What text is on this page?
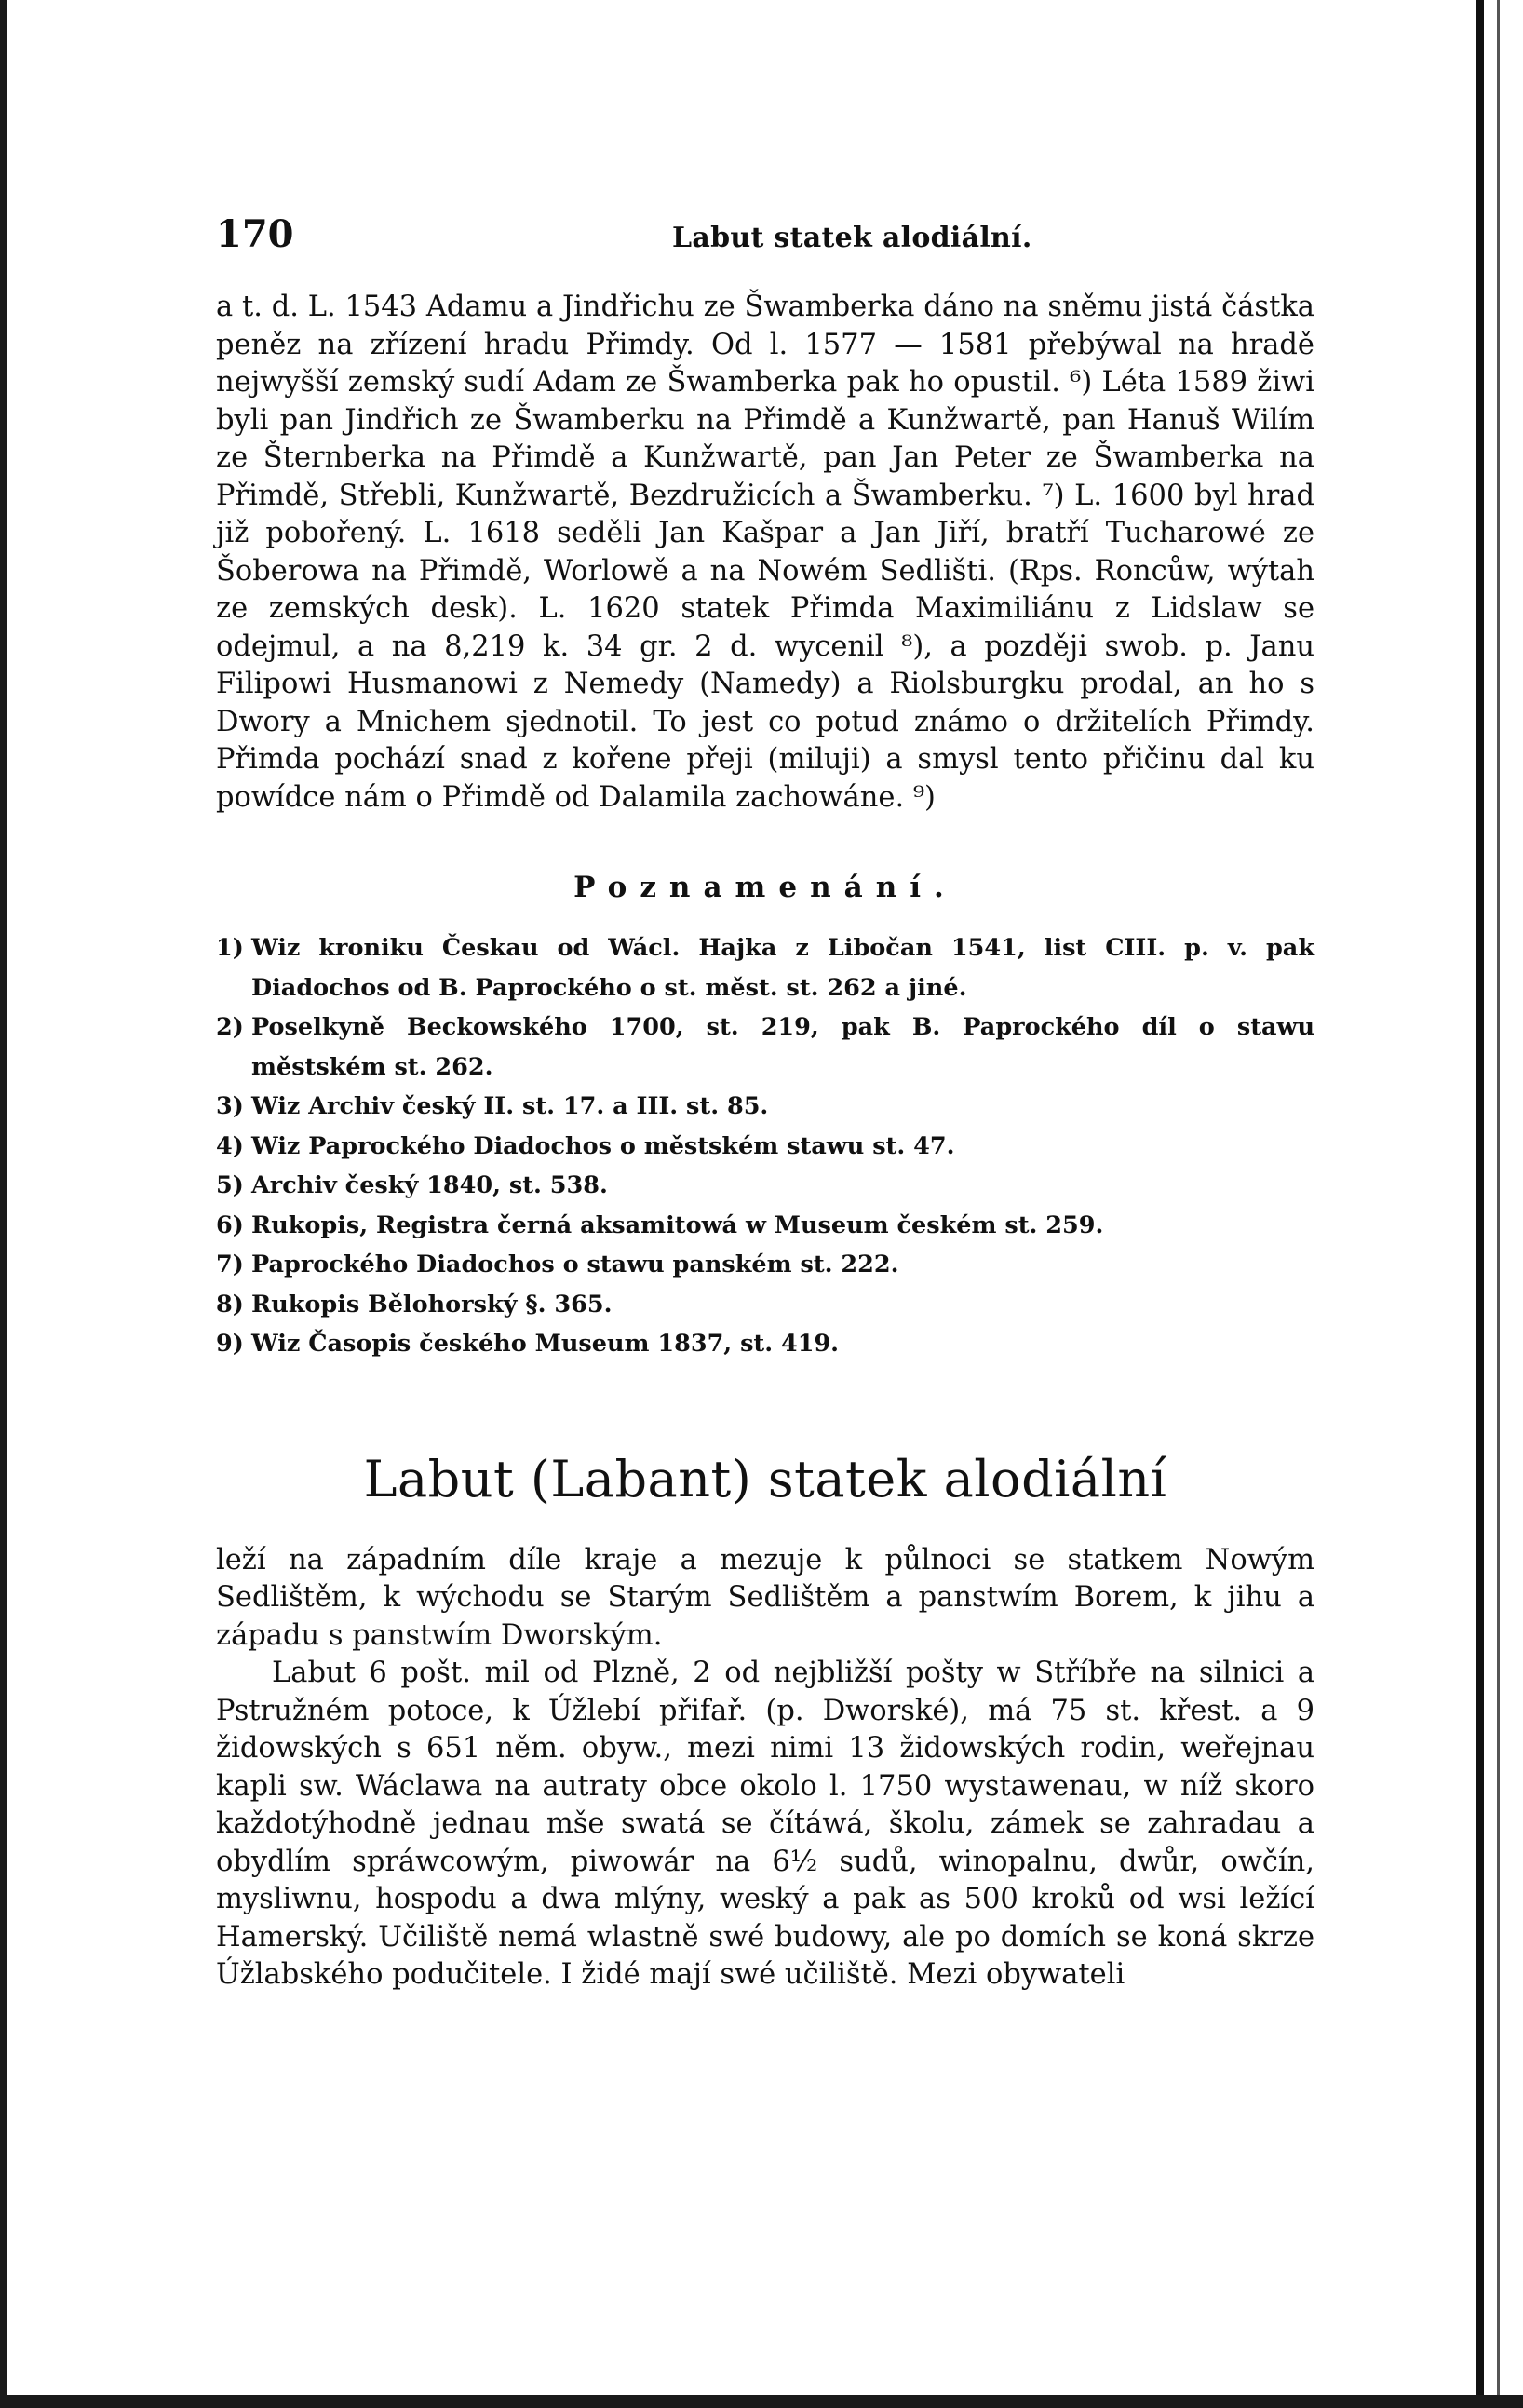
170	Labut statek alodiální.

a t. d. L. 1543 Adamu a Jindřichu ze Šwamberka dáno na sněmu jistá částka peněz na zřízení hradu Přimdy. Od l. 1577 — 1581 přebýwal na hradě nejwyšší zemský sudí Adam ze Šwamberka pak ho opustil. ⁶) Léta 1589 žiwi byli pan Jindřich ze Šwamberku na Přimdě a Kunžwartě, pan Hanuš Wilím ze Šternberka na Přimdě a Kunžwartě, pan Jan Peter ze Šwamberka na Přimdě, Střebli, Kunžwartě, Bezdružicích a Šwamberku. ⁷) L. 1600 byl hrad již pobořený. L. 1618 seděli Jan Kašpar a Jan Jiří, bratří Tucharowé ze Šoberowa na Přimdě, Worlowě a na Nowém Sedlišti. (Rps. Roncůw, wýtah ze zemských desk). L. 1620 statek Přimda Maximiliánu z Lidslaw se odejmul, a na 8,219 k. 34 gr. 2 d. wycenil ⁸), a později swob. p. Janu Filipowi Husmanowi z Nemedy (Namedy) a Riolsburgku prodal, an ho s Dwory a Mnichem sjednotil. To jest co potud známo o držitelích Přimdy. Přimda pochází snad z kořene přeji (miluji) a smysl tento přičinu dal ku powídce nám o Přimdě od Dalamila zachowáne. ⁹)

Poznamenání.
1) Wiz kroniku Českau od Wácl. Hajka z Libočan 1541, list CIII. p. v. pak Diadochos od B. Paprockého o st. měst. st. 262 a jiné.
2) Poselkyně Beckowského 1700, st. 219, pak B. Paprockého díl o stawu městském st. 262.
3) Wiz Archiv český II. st. 17. a III. st. 85.
4) Wiz Paprockého Diadochos o městském stawu st. 47.
5) Archiv český 1840, st. 538.
6) Rukopis, Registra černá aksamitowá w Museum českém st. 259.
7) Paprockého Diadochos o stawu panském st. 222.
8) Rukopis Bělohorský §. 365.
9) Wiz Časopis českého Museum 1837, st. 419.
Labut (Labant) statek alodiální

leží na západním díle kraje a mezuje k půlnoci se statkem Nowým Sedlištěm, k wýchodu se Starým Sedlištěm a panstwím Borem, k jihu a západu s panstwím Dworským.

Labut 6 pošt. mil od Plzně, 2 od nejbližší pošty w Stříbře na silnici a Pstružném potoce, k Úžlebí přifař. (p. Dworské), má 75 st. křest. a 9 židowských s 651 něm. obyw., mezi nimi 13 židowských rodin, weřejnau kapli sw. Wáclawa na autraty obce okolo l. 1750 wystawenau, w níž skoro každotýhodně jednau mše swatá se čítáwá, školu, zámek se zahradau a obydlím spráwcowým, piwowár na 6½ sudů, winopalnu, dwůr, owčín, mysliwnu, hospodu a dwa mlýny, weský a pak as 500 kroků od wsi ležící Hamerský. Učiliště nemá wlastně swé budowy, ale po domích se koná skrze Úžlabského podučitele. I židé mají swé učiliště. Mezi obywateli
